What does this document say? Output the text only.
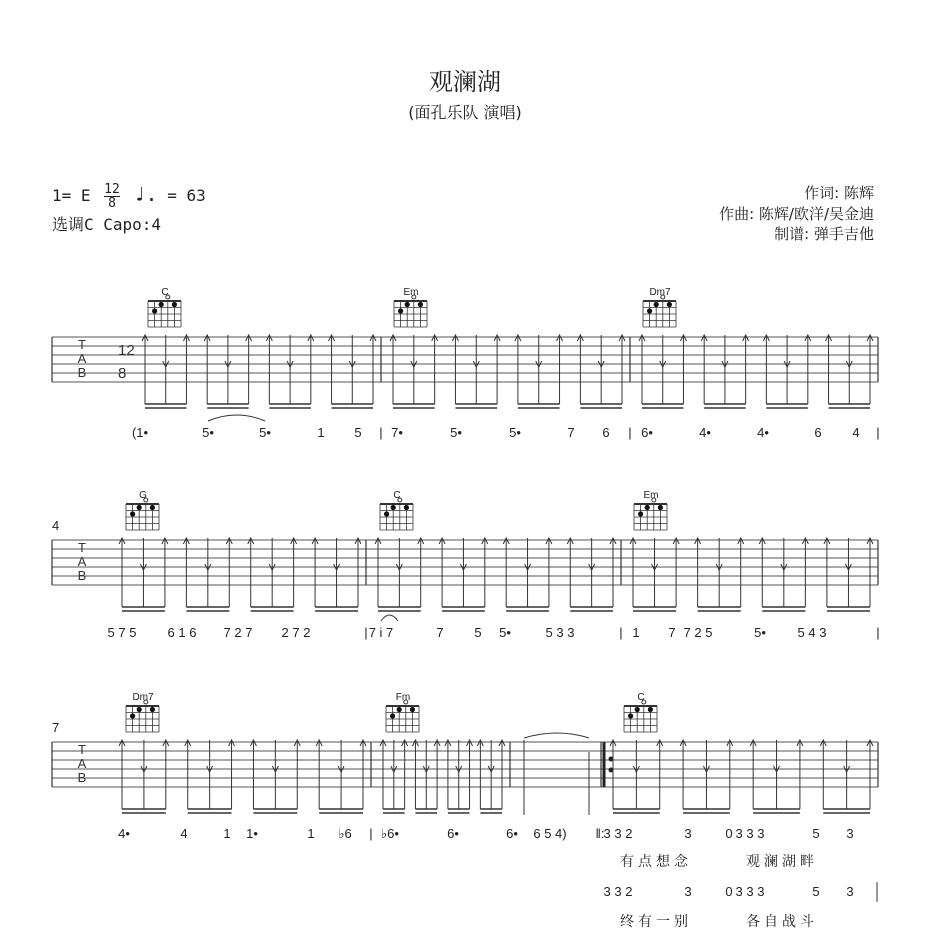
观澜湖
(面孔乐队 演唱)
1= E $\frac{12}{8}$ ♩. = 63
选调C Capo:4
作词: 陈辉
作曲: 陈辉/欧洋/吴金迪
制谱: 弹手吉他
T
A
B
12
8
C	Em	Dm7
(1•	5•	5•	1 5 | 7•	5•	5•	7 6 | 6•	4•	4•	6 4 |
T
A
B
4
G	C	Em
5 7 5 6 1 6 7 2 7 2 7 2	| 7 i 7	7 5 5•	5 3 3	| 1 7 7 2 5	5• 5 4 3	|
T
A
B
7
Dm7	Fm	C
4•	4	1 1•	1 ♭6 | ♭6•	6•	6• 6 5 4) ‖: 3 3 2	3	0 3 3 3	5 3
有点想念	观澜湖畔
3 3 2	3	0 3 3 3	5 3
终有一别	各自战斗
